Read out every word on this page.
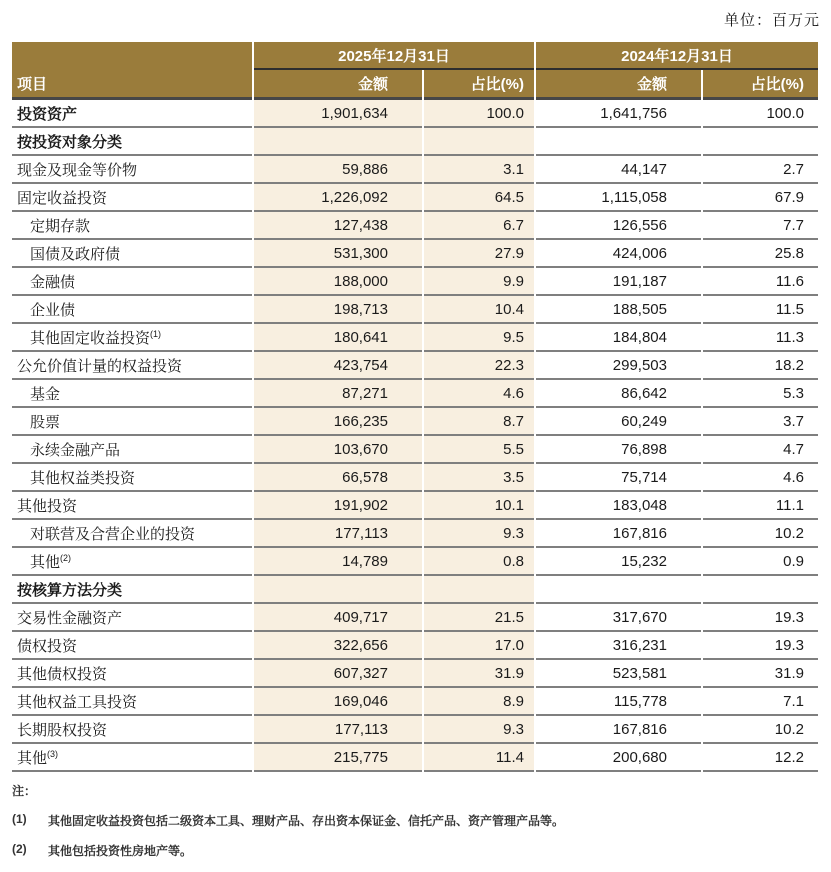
单位：百万元
	2025年12月31日		2024年12月31日	
项目	金额	占比(%)	金额	占比(%)
投资资产	1,901,634	100.0	1,641,756	100.0
按投资对象分类				
现金及现金等价物	59,886	3.1	44,147	2.7
固定收益投资	1,226,092	64.5	1,115,058	67.9
定期存款	127,438	6.7	126,556	7.7
国债及政府债	531,300	27.9	424,006	25.8
金融债	188,000	9.9	191,187	11.6
企业债	198,713	10.4	188,505	11.5
其他固定收益投资$^{(1)}$	180,641	9.5	184,804	11.3
公允价值计量的权益投资	423,754	22.3	299,503	18.2
基金	87,271	4.6	86,642	5.3
股票	166,235	8.7	60,249	3.7
永续金融产品	103,670	5.5	76,898	4.7
其他权益类投资	66,578	3.5	75,714	4.6
其他投资	191,902	10.1	183,048	11.1
对联营及合营企业的投资	177,113	9.3	167,816	10.2
其他$^{(2)}$	14,789	0.8	15,232	0.9
按核算方法分类				
交易性金融资产	409,717	21.5	317,670	19.3
债权投资	322,656	17.0	316,231	19.3
其他债权投资	607,327	31.9	523,581	31.9
其他权益工具投资	169,046	8.9	115,778	7.1
长期股权投资	177,113	9.3	167,816	10.2
其他$^{(3)}$	215,775	11.4	200,680	12.2
注：
(1)	其他固定收益投资包括二级资本工具、理财产品、存出资本保证金、信托产品、资产管理产品等。
(2)	其他包括投资性房地产等。
